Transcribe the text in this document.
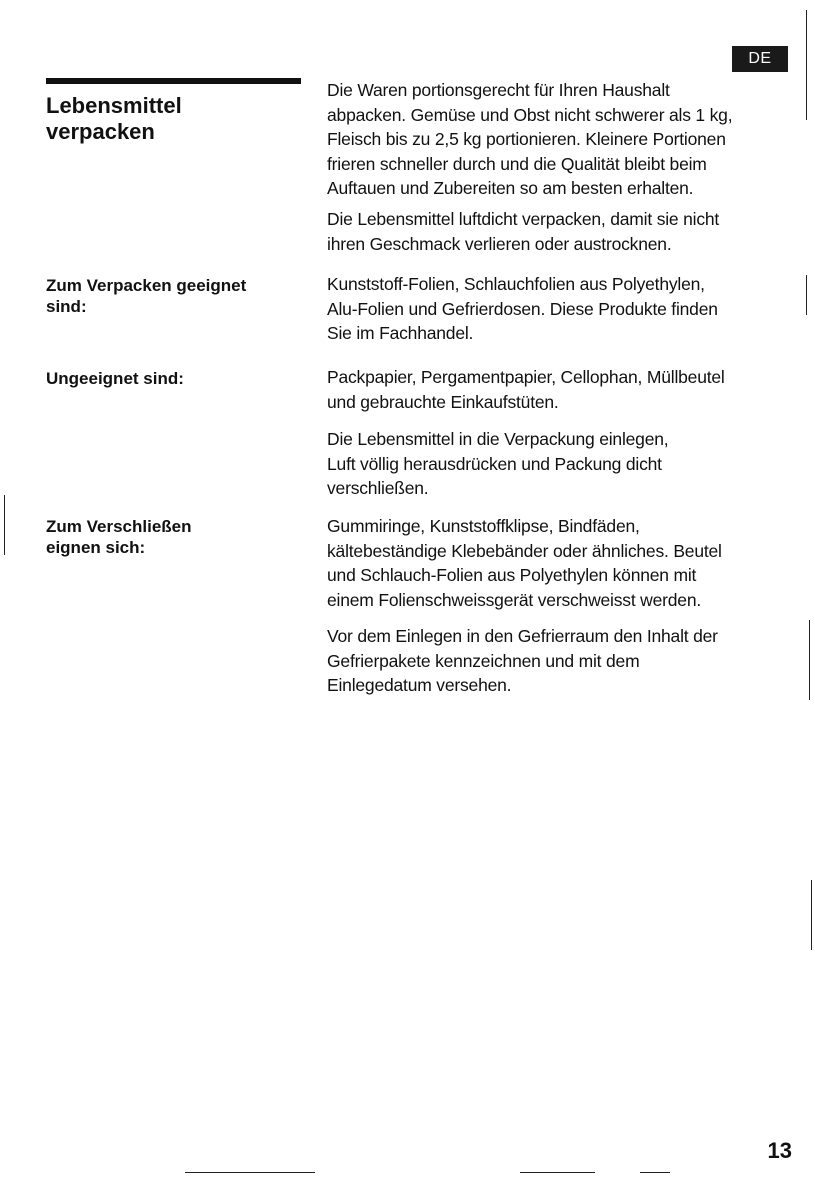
DE
Lebensmittel
verpacken
Die Waren portionsgerecht für Ihren Haushalt
abpacken. Gemüse und Obst nicht schwerer als 1 kg,
Fleisch bis zu 2,5 kg portionieren. Kleinere Portionen
frieren schneller durch und die Qualität bleibt beim
Auftauen und Zubereiten so am besten erhalten.
Die Lebensmittel luftdicht verpacken, damit sie nicht
ihren Geschmack verlieren oder austrocknen.
Zum Verpacken geeignet
sind:
Kunststoff-Folien, Schlauchfolien aus Polyethylen,
Alu-Folien und Gefrierdosen. Diese Produkte finden
Sie im Fachhandel.
Ungeeignet sind:	Packpapier, Pergamentpapier, Cellophan, Müllbeutel
und gebrauchte Einkaufstüten.
Die Lebensmittel in die Verpackung einlegen,
Luft völlig herausdrücken und Packung dicht
verschließen.
Zum Verschließen
eignen sich:
Gummiringe, Kunststoffklipse, Bindfäden,
kältebeständige Klebebänder oder ähnliches. Beutel
und Schlauch-Folien aus Polyethylen können mit
einem Folienschweissgerät verschweisst werden.
Vor dem Einlegen in den Gefrierraum den Inhalt der
Gefrierpakete kennzeichnen und mit dem
Einlegedatum versehen.
13
